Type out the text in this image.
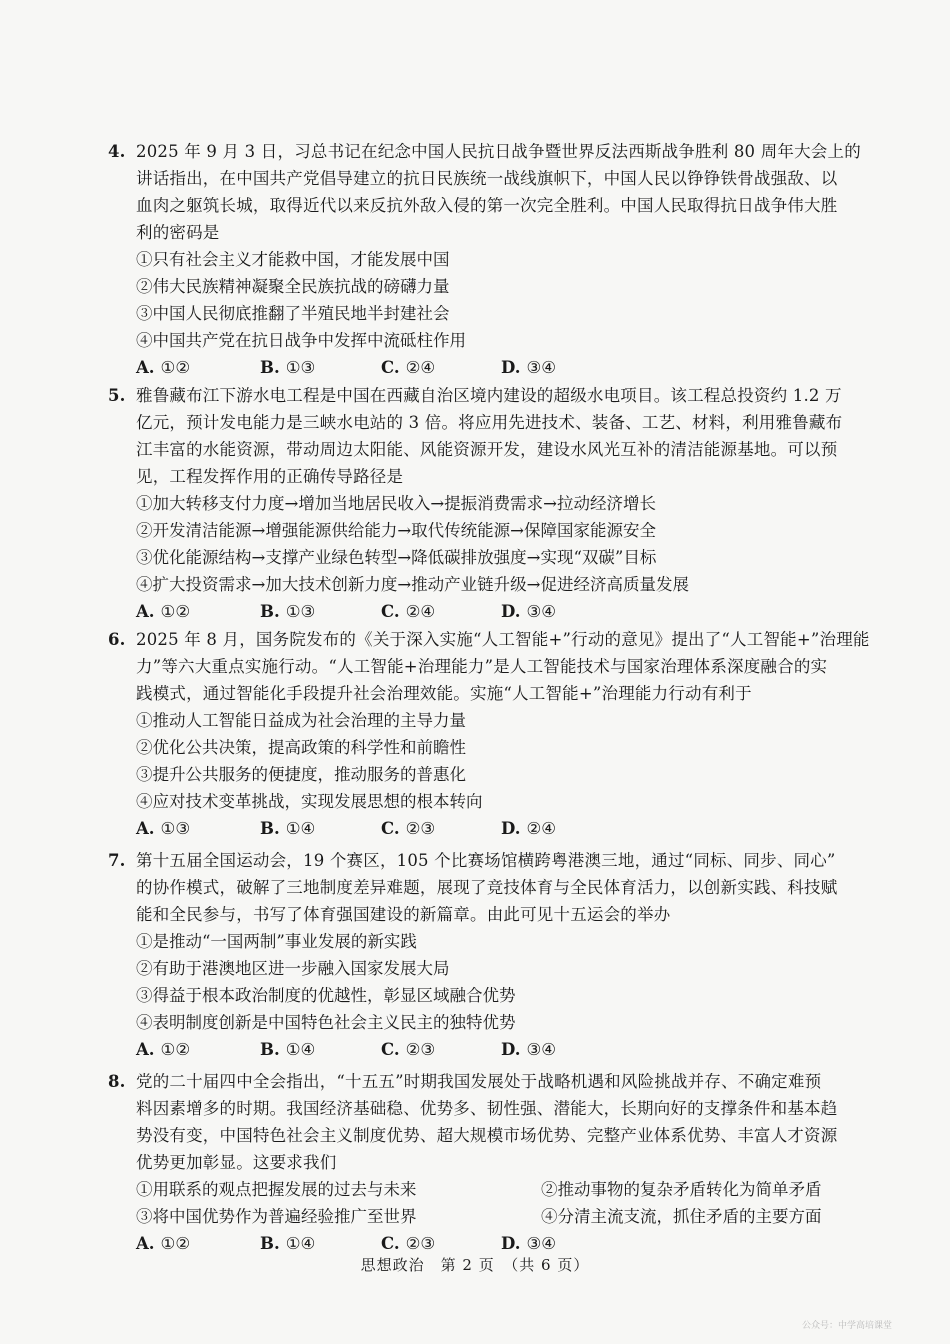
4. 2025 年 9 月 3 日，习总书记在纪念中国人民抗日战争暨世界反法西斯战争胜利 80 周年大会上的
讲话指出，在中国共产党倡导建立的抗日民族统一战线旗帜下，中国人民以铮铮铁骨战强敌、以
血肉之躯筑长城，取得近代以来反抗外敌入侵的第一次完全胜利。中国人民取得抗日战争伟大胜
利的密码是
①只有社会主义才能救中国，才能发展中国
②伟大民族精神凝聚全民族抗战的磅礴力量
③中国人民彻底推翻了半殖民地半封建社会
④中国共产党在抗日战争中发挥中流砥柱作用
A. ①②	B. ①③	C. ②④	D. ③④
5. 雅鲁藏布江下游水电工程是中国在西藏自治区境内建设的超级水电项目。该工程总投资约 1.2 万
亿元，预计发电能力是三峡水电站的 3 倍。将应用先进技术、装备、工艺、材料，利用雅鲁藏布
江丰富的水能资源，带动周边太阳能、风能资源开发，建设水风光互补的清洁能源基地。可以预
见，工程发挥作用的正确传导路径是
①加大转移支付力度→增加当地居民收入→提振消费需求→拉动经济增长
②开发清洁能源→增强能源供给能力→取代传统能源→保障国家能源安全
③优化能源结构→支撑产业绿色转型→降低碳排放强度→实现“双碳”目标
④扩大投资需求→加大技术创新力度→推动产业链升级→促进经济高质量发展
A. ①②	B. ①③	C. ②④	D. ③④
6. 2025 年 8 月，国务院发布的《关于深入实施“人工智能+”行动的意见》提出了“人工智能+”治理能
力”等六大重点实施行动。“人工智能+治理能力”是人工智能技术与国家治理体系深度融合的实
践模式，通过智能化手段提升社会治理效能。实施“人工智能+”治理能力行动有利于
①推动人工智能日益成为社会治理的主导力量
②优化公共决策，提高政策的科学性和前瞻性
③提升公共服务的便捷度，推动服务的普惠化
④应对技术变革挑战，实现发展思想的根本转向
A. ①③	B. ①④	C. ②③	D. ②④
7. 第十五届全国运动会，19 个赛区，105 个比赛场馆横跨粤港澳三地，通过“同标、同步、同心”
的协作模式，破解了三地制度差异难题，展现了竞技体育与全民体育活力，以创新实践、科技赋
能和全民参与，书写了体育强国建设的新篇章。由此可见十五运会的举办
①是推动“一国两制”事业发展的新实践
②有助于港澳地区进一步融入国家发展大局
③得益于根本政治制度的优越性，彰显区域融合优势
④表明制度创新是中国特色社会主义民主的独特优势
A. ①②	B. ①④	C. ②③	D. ③④
8. 党的二十届四中全会指出，“十五五”时期我国发展处于战略机遇和风险挑战并存、不确定难预
料因素增多的时期。我国经济基础稳、优势多、韧性强、潜能大，长期向好的支撑条件和基本趋
势没有变，中国特色社会主义制度优势、超大规模市场优势、完整产业体系优势、丰富人才资源
优势更加彰显。这要求我们
①用联系的观点把握发展的过去与未来	②推动事物的复杂矛盾转化为简单矛盾
③将中国优势作为普遍经验推广至世界	④分清主流支流，抓住矛盾的主要方面
A. ①②	B. ①④	C. ②③	D. ③④
思想政治　第 2 页　（共 6 页）
公众号：中学高培课堂
